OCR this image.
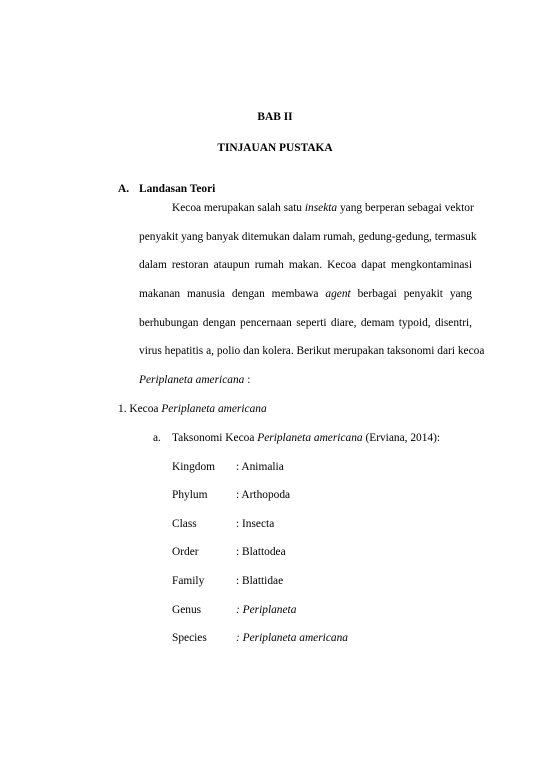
BAB II
TINJAUAN PUSTAKA
A. Landasan Teori
Kecoa merupakan salah satu insekta yang berperan sebagai vektor
penyakit yang banyak ditemukan dalam rumah, gedung-gedung, termasuk
dalam restoran ataupun rumah makan. Kecoa dapat mengkontaminasi
makanan manusia dengan membawa agent berbagai penyakit yang
berhubungan dengan pencernaan seperti diare, demam typoid, disentri,
virus hepatitis a, polio dan kolera. Berikut merupakan taksonomi dari kecoa
Periplaneta americana :
1. Kecoa Periplaneta americana
a. Taksonomi Kecoa Periplaneta americana (Erviana, 2014):
Kingdom : Animalia
Phylum	: Arthopoda
Class	: Insecta
Order	: Blattodea
Family	: Blattidae
Genus	: Periplaneta
Species	: Periplaneta americana
